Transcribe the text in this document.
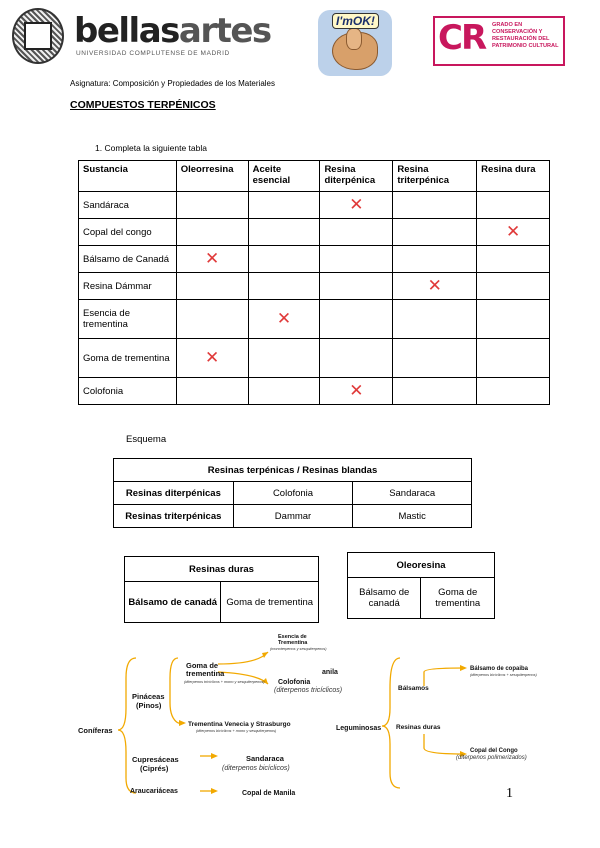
bellasartes
UNIVERSIDAD COMPLUTENSE DE MADRID
I'mOK! CR GRADO EN CONSERVACIÓN Y RESTAURACIÓN DEL PATRIMONIO CULTURAL
Asignatura: Composición y Propiedades de los Materiales
COMPUESTOS TERPÉNICOS
1. Completa la siguiente tabla
Sustancia	Oleorresina	Aceite esencial	Resina diterpénica	Resina triterpénica	Resina dura
Sandáraca			✕		
Copal del congo					✕
Bálsamo de Canadá	✕				
Resina Dámmar				✕	
Esencia de trementina		✕			
Goma de trementina	✕				
Colofonia			✕		
Esquema
Resinas terpénicas / Resinas blandas		
Resinas diterpénicas	Colofonia	Sandaraca
Resinas triterpénicas	Dammar	Mastic
Resinas duras
Bálsamo de canadá	Goma de trementina
Oleoresina
Bálsamo de canadá	Goma de trementina
Coníferas
Pináceas
(Pinos)
Goma de
trementina
(diterpenos tricíclicos + mono y sesquiterpenos)
Esencia de
Trementina
(monoterpenos y sesquiterpenos)
Colofonia
(diterpenos tricíclicos)
Trementina Venecia y Strasburgo
(diterpenos bicíclicos + mono y sesquiterpenos)
Cupresáceas
(Ciprés)
Sandaraca
(diterpenos bicíclicos)
Araucariáceas	Copal de Manila
anila
Leguminosas
Bálsamos
Resinas duras
Bálsamo de copaiba
(diterpenos bicíclicos + sesquiterpenos)
Copal del Congo
(diterpenos polimerizados)
1
